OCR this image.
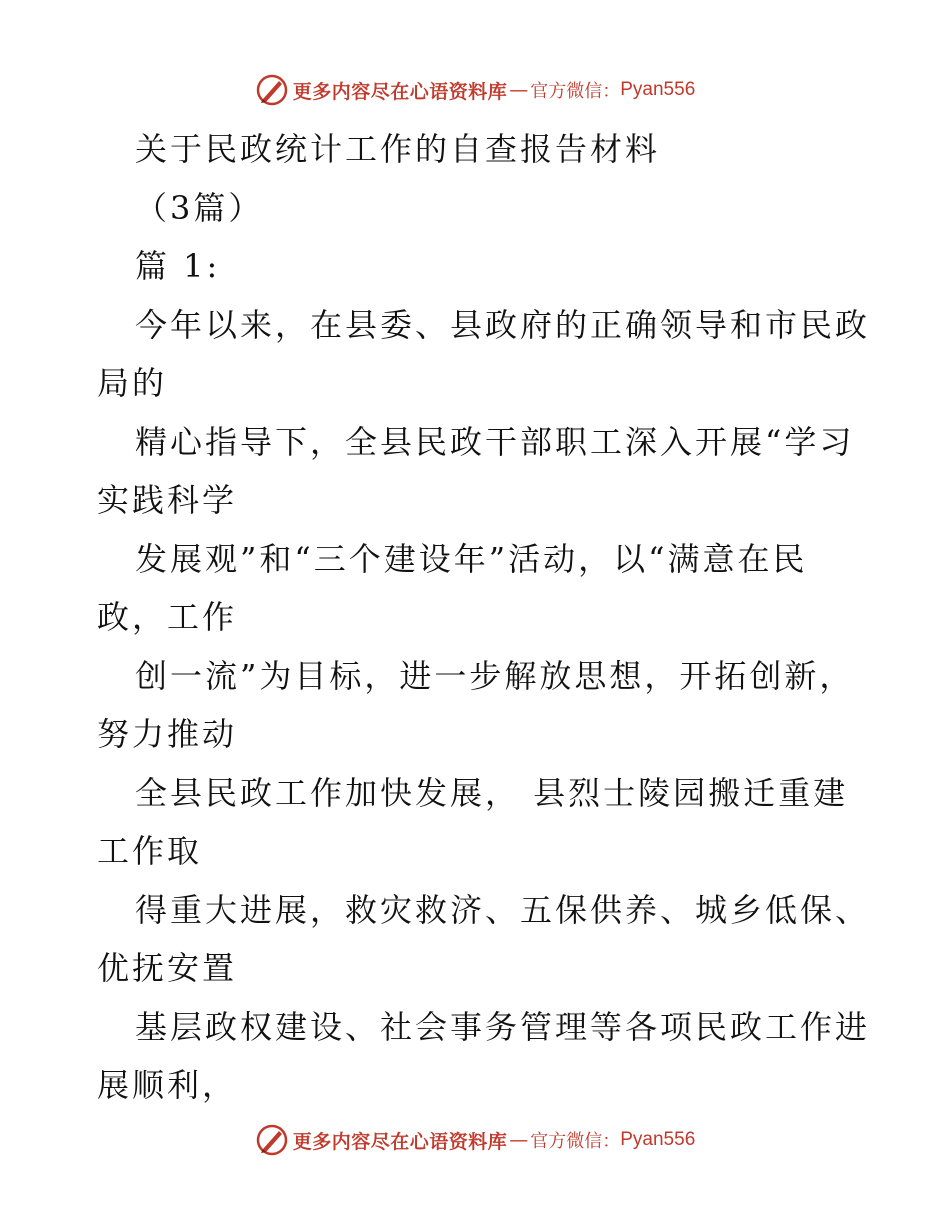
更多内容尽在心语资料库 — 官方微信： Pyan556
关于民政统计工作的自查报告材料
（3篇）
篇 1:
今年以来，在县委、县政府的正确领导和市民政
局的
精心指导下，全县民政干部职工深入开展“学习
实践科学
发展观”和“三个建设年”活动，以“满意在民
政，工作
创一流”为目标，进一步解放思想，开拓创新，
努力推动
全县民政工作加快发展， 县烈士陵园搬迁重建
工作取
得重大进展，救灾救济、五保供养、城乡低保、
优抚安置
基层政权建设、社会事务管理等各项民政工作进
展顺利，
更多内容尽在心语资料库 — 官方微信： Pyan556
